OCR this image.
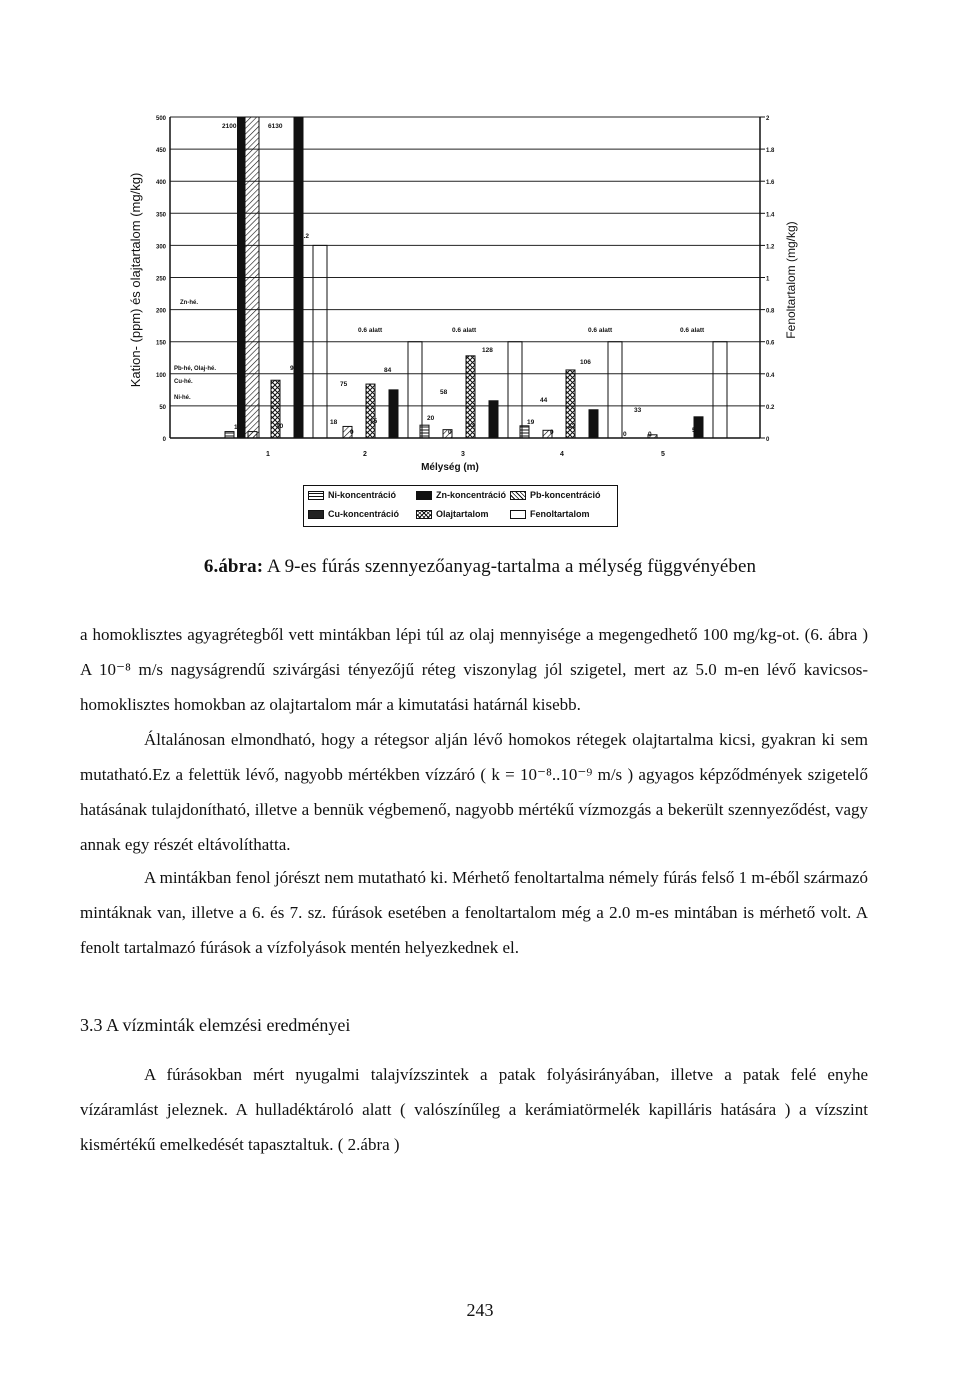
0
50
100
150
200
250
300
350
400
450
500
0
0.2
0.4
0.6
0.8
1
1.2
1.4
1.6
1.8
2
Kation- (ppm) és olajtartalom (mg/kg)	Fenoltartalom (mg/kg)
Mélység (m)
1	2	3	4	5
2100	6130
1.2
0.6 alatt	0.6 alatt	0.6 alatt	0.6 alatt
128
106
90	84
75
58
44
33
18	15	20
13	19
12
10	10
0	0	0	0	0
5
Zn-hé.
Pb-hé, Olaj-hé.
Cu-hé.
Ni-hé.
Ni-koncentráció	Zn-koncentráció	Pb-koncentráció
Cu-koncentráció	Olajtartalom	Fenoltartalom
6.ábra: A 9-es fúrás szennyezőanyag-tartalma a mélység függvényében
a homoklisztes agyagrétegből vett mintákban lépi túl az olaj mennyisége a megengedhető 100 mg/kg-ot. (6. ábra ) A 10⁻⁸ m/s nagyságrendű szivárgási tényezőjű réteg viszonylag jól szigetel, mert az 5.0 m-en lévő kavicsos-homoklisztes homokban az olajtartalom már a kimutatási határnál kisebb.
Általánosan elmondható, hogy a rétegsor alján lévő homokos rétegek olajtartalma kicsi, gyakran ki sem mutatható.Ez a felettük lévő, nagyobb mértékben vízzáró ( k = 10⁻⁸..10⁻⁹ m/s ) agyagos képződmények szigetelő hatásának tulajdonítható, illetve a bennük végbemenő, nagyobb mértékű vízmozgás a bekerült szennyeződést, vagy annak egy részét eltávolíthatta.
A mintákban fenol jórészt nem mutatható ki. Mérhető fenoltartalma némely fúrás felső 1 m-éből származó mintáknak van, illetve a 6. és 7. sz. fúrások esetében a fenoltartalom még a 2.0 m-es mintában is mérhető volt. A fenolt tartalmazó fúrások a vízfolyások mentén helyezkednek el.
3.3 A vízminták elemzési eredményei
A fúrásokban mért nyugalmi talajvízszintek a patak folyásirányában, illetve a patak felé enyhe vízáramlást jeleznek. A hulladéktároló alatt ( valószínűleg a kerámiatörmelék kapilláris hatására ) a vízszint kismértékű emelkedését tapasztaltuk. ( 2.ábra )
243
